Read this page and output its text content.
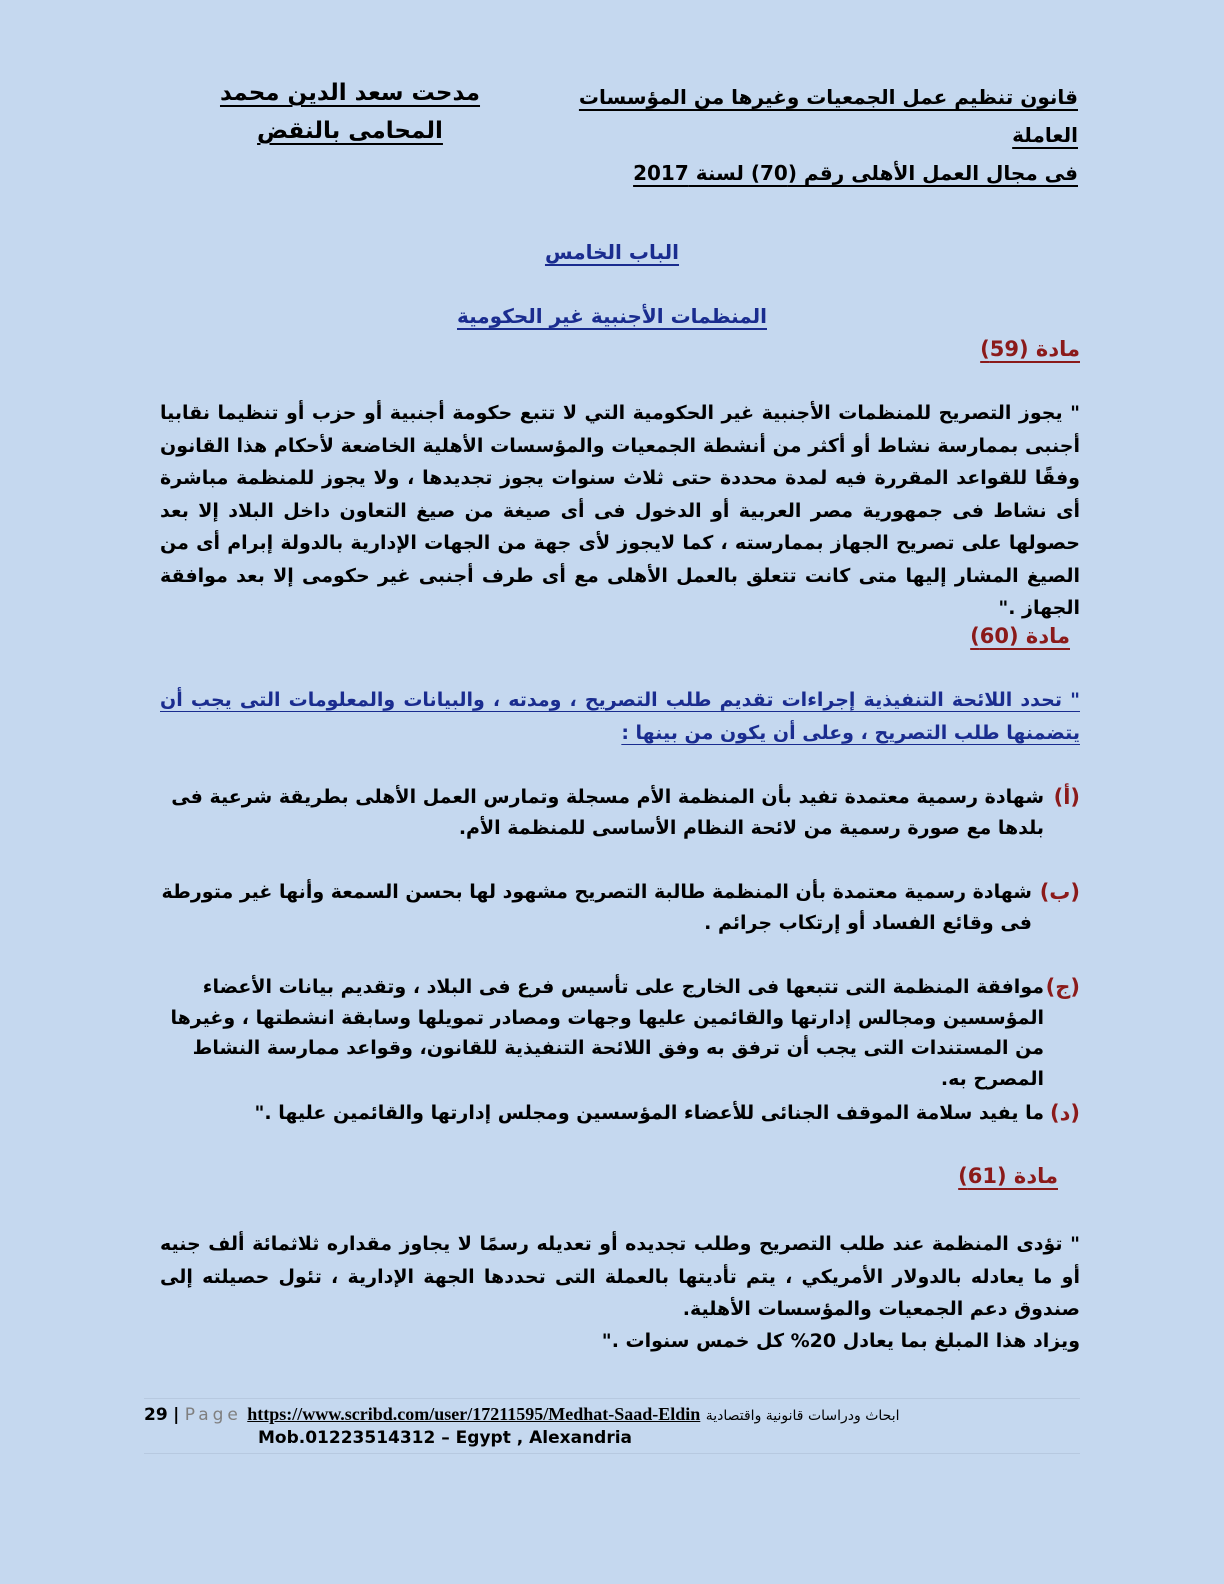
قانون تنظيم عمل الجمعيات وغيرها من المؤسسات العاملة
فى مجال العمل الأهلى رقم (70) لسنة 2017
مدحت سعد الدين محمد
المحامى بالنقض
الباب الخامس
المنظمات الأجنبية غير الحكومية
مادة (59)
" يجوز التصريح للمنظمات الأجنبية غير الحكومية التي لا تتبع حكومة أجنبية أو حزب أو تنظيما نقابيا أجنبى بممارسة نشاط أو أكثر من أنشطة الجمعيات والمؤسسات الأهلية الخاضعة لأحكام هذا القانون وفقًا للقواعد المقررة فيه لمدة محددة حتى ثلاث سنوات يجوز تجديدها ، ولا يجوز للمنظمة مباشرة أى نشاط فى جمهورية مصر العربية أو الدخول فى أى صيغة من صيغ التعاون داخل البلاد إلا بعد حصولها على تصريح الجهاز بممارسته ، كما لايجوز لأى جهة من الجهات الإدارية بالدولة إبرام أى من الصيغ المشار إليها متى كانت تتعلق بالعمل الأهلى مع أى طرف أجنبى غير حكومى إلا بعد موافقة الجهاز ."
مادة (60)
" تحدد اللائحة التنفيذية إجراءات تقديم طلب التصريح ، ومدته ، والبيانات والمعلومات التى يجب أن يتضمنها طلب التصريح ، وعلى أن يكون من بينها :
(أ)
شهادة رسمية معتمدة تفيد بأن المنظمة الأم مسجلة وتمارس العمل الأهلى بطريقة شرعية فى بلدها مع صورة رسمية من لائحة النظام الأساسى للمنظمة الأم.
(ب)
شهادة رسمية معتمدة بأن المنظمة طالبة التصريح مشهود لها بحسن السمعة وأنها غير متورطة فى وقائع الفساد أو إرتكاب جرائم .
(ج)
موافقة المنظمة التى تتبعها فى الخارج على تأسيس فرع فى البلاد ، وتقديم بيانات الأعضاء المؤسسين ومجالس إدارتها والقائمين عليها وجهات ومصادر تمويلها وسابقة انشطتها ، وغيرها من المستندات التى يجب أن ترفق به وفق اللائحة التنفيذية للقانون، وقواعد ممارسة النشاط المصرح به.
(د)
ما يفيد سلامة الموقف الجنائى للأعضاء المؤسسين ومجلس إدارتها والقائمين عليها ."
مادة (61)
" تؤدى المنظمة عند طلب التصريح وطلب تجديده أو تعديله رسمًا لا يجاوز مقداره ثلاثمائة ألف جنيه أو ما يعادله بالدولار الأمريكي ، يتم تأديتها بالعملة التى تحددها الجهة الإدارية ، تئول حصيلته إلى صندوق دعم الجمعيات والمؤسسات الأهلية.
ويزاد هذا المبلغ بما يعادل 20% كل خمس سنوات ."
29 | Page https://www.scribd.com/user/17211595/Medhat-Saad-Eldin ابحاث ودراسات قانونية واقتصادية
Mob.01223514312 – Egypt , Alexandria
